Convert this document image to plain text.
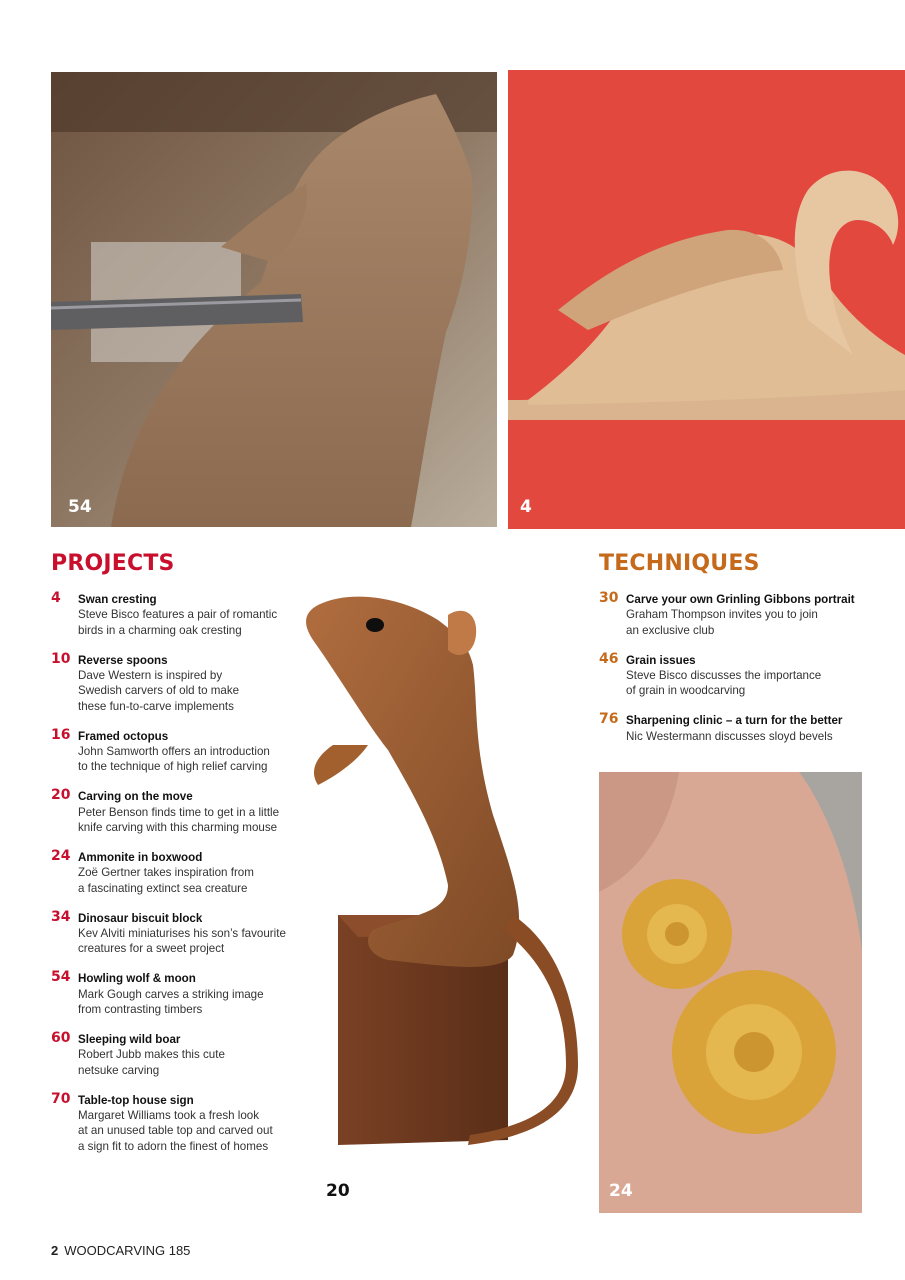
54	4
20	24
PROJECTS	TECHNIQUES
4 Swan cresting
Steve Bisco features a pair of romantic
birds in a charming oak cresting
10 Reverse spoons
Dave Western is inspired by
Swedish carvers of old to make
these fun-to-carve implements
16 Framed octopus
John Samworth offers an introduction
to the technique of high relief carving
20 Carving on the move
Peter Benson finds time to get in a little
knife carving with this charming mouse
24 Ammonite in boxwood
Zoë Gertner takes inspiration from
a fascinating extinct sea creature
34 Dinosaur biscuit block
Kev Alviti miniaturises his son’s favourite
creatures for a sweet project
54 Howling wolf & moon
Mark Gough carves a striking image
from contrasting timbers
60 Sleeping wild boar
Robert Jubb makes this cute
netsuke carving
70 Table-top house sign
Margaret Williams took a fresh look
at an unused table top and carved out
a sign fit to adorn the finest of homes
30 Carve your own Grinling Gibbons portrait
Graham Thompson invites you to join
an exclusive club
46 Grain issues
Steve Bisco discusses the importance
of grain in woodcarving
76 Sharpening clinic – a turn for the better
Nic Westermann discusses sloyd bevels
2 WOODCARVING 185
